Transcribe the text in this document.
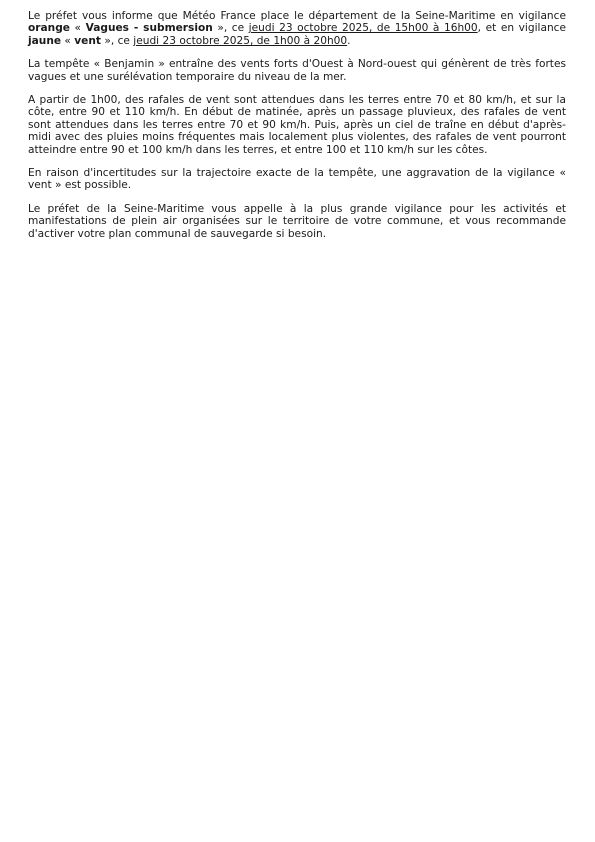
Le préfet vous informe que Météo France place le département de la Seine-Maritime en vigilance orange « Vagues - submersion », ce jeudi 23 octobre 2025, de 15h00 à 16h00, et en vigilance jaune « vent », ce jeudi 23 octobre 2025, de 1h00 à 20h00.

La tempête « Benjamin » entraîne des vents forts d'Ouest à Nord-ouest qui génèrent de très fortes vagues et une surélévation temporaire du niveau de la mer.

A partir de 1h00, des rafales de vent sont attendues dans les terres entre 70 et 80 km/h, et sur la côte, entre 90 et 110 km/h. En début de matinée, après un passage pluvieux, des rafales de vent sont attendues dans les terres entre 70 et 90 km/h. Puis, après un ciel de traîne en début d'après-midi avec des pluies moins fréquentes mais localement plus violentes, des rafales de vent pourront atteindre entre 90 et 100 km/h dans les terres, et entre 100 et 110 km/h sur les côtes.

En raison d'incertitudes sur la trajectoire exacte de la tempête, une aggravation de la vigilance « vent » est possible.

Le préfet de la Seine-Maritime vous appelle à la plus grande vigilance pour les activités et manifestations de plein air organisées sur le territoire de votre commune, et vous recommande d'activer votre plan communal de sauvegarde si besoin.
